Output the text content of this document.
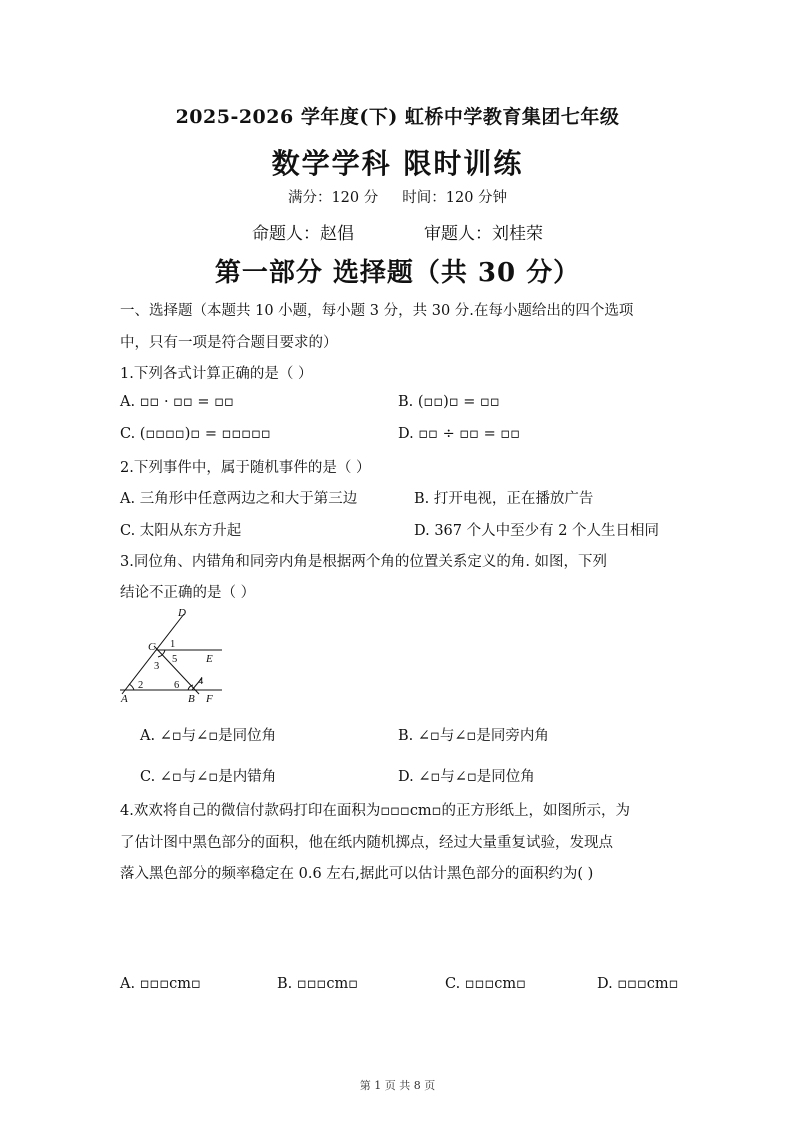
2025-2026 学年度(下) 虹桥中学教育集团七年级
数学学科 限时训练
满分：120 分 时间：120 分钟
命题人：赵倡	审题人：刘桂荣
第一部分 选择题（共 30 分）
一、选择题（本题共 10 小题，每小题 3 分，共 30 分.在每小题给出的四个选项
中，只有一项是符合题目要求的）
1.下列各式计算正确的是（ ）
A. ▫▫ · ▫▫ = ▫▫	B. (▫▫)▫ = ▫▫
C. (▫▫▫▫)▫ = ▫▫▫▫▫	D. ▫▫ ÷ ▫▫ = ▫▫
2.下列事件中，属于随机事件的是（ ）
A. 三角形中任意两边之和大于第三边	B. 打开电视，正在播放广告
C. 太阳从东方升起	D. 367 个人中至少有 2 个人生日相同
3.同位角、内错角和同旁内角是根据两个角的位置关系定义的角. 如图，下列
结论不正确的是（ ）
D
C
E
A	B F
1
2
3
4
5
6
A. ∠▫与∠▫是同位角	B. ∠▫与∠▫是同旁内角
C. ∠▫与∠▫是内错角	D. ∠▫与∠▫是同位角
4.欢欢将自己的微信付款码打印在面积为▫▫▫cm▫的正方形纸上，如图所示，为
了估计图中黑色部分的面积，他在纸内随机掷点，经过大量重复试验，发现点
落入黑色部分的频率稳定在 0.6 左右,据此可以估计黑色部分的面积约为( )
A. ▫▫▫cm▫	B. ▫▫▫cm▫	C. ▫▫▫cm▫	D. ▫▫▫cm▫
第 1 页 共 8 页
